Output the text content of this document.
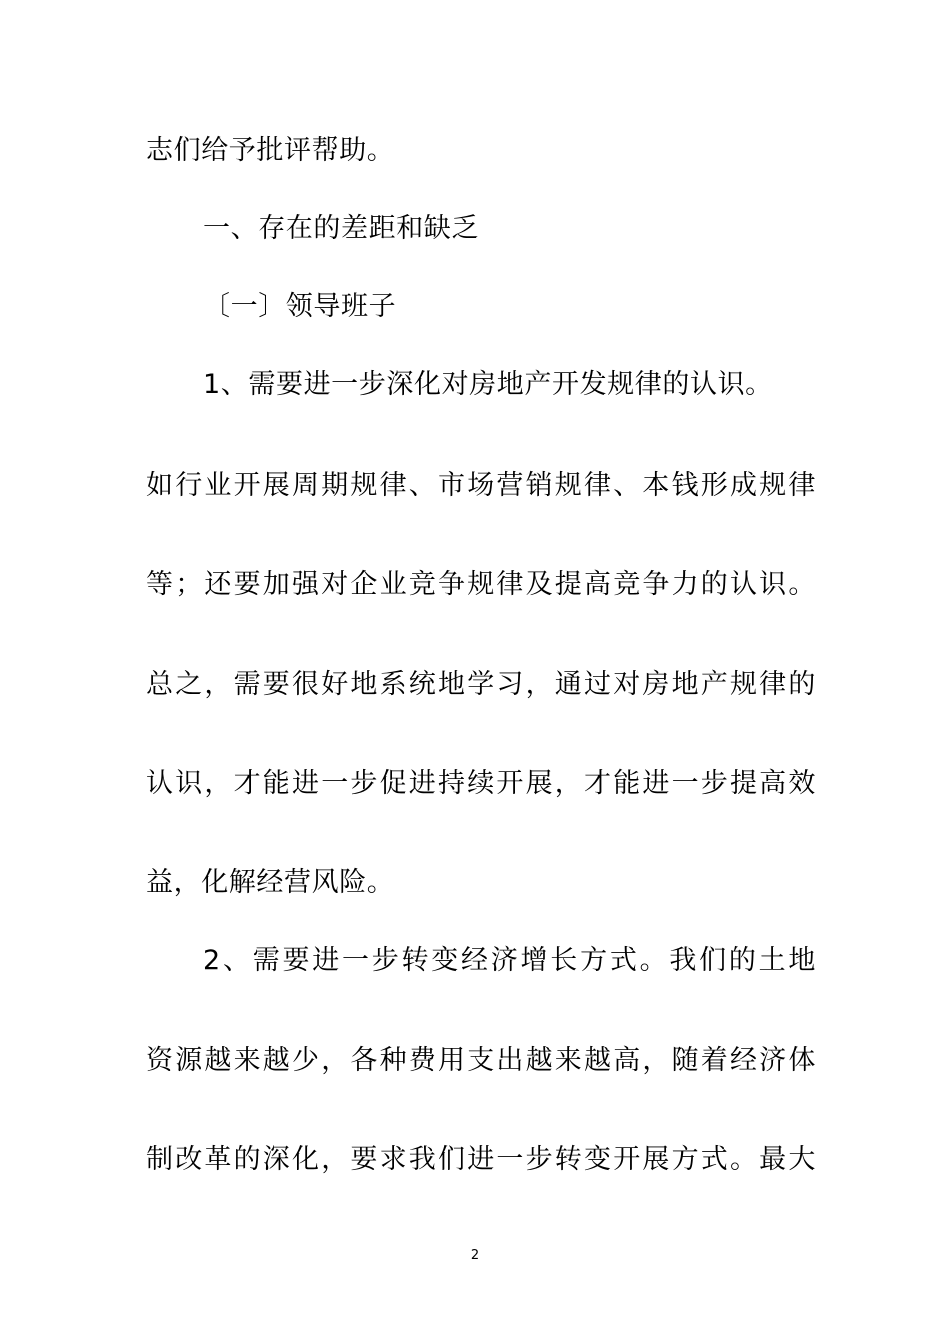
志们给予批评帮助。
一、存在的差距和缺乏
〔一〕领导班子
1、需要进一步深化对房地产开发规律的认识。
如行业开展周期规律、市场营销规律、本钱形成规律
等；还要加强对企业竞争规律及提高竞争力的认识。
总之，需要很好地系统地学习，通过对房地产规律的
认识，才能进一步促进持续开展，才能进一步提高效
益，化解经营风险。
2、需要进一步转变经济增长方式。我们的土地
资源越来越少，各种费用支出越来越高，随着经济体
制改革的深化，要求我们进一步转变开展方式。最大
2
